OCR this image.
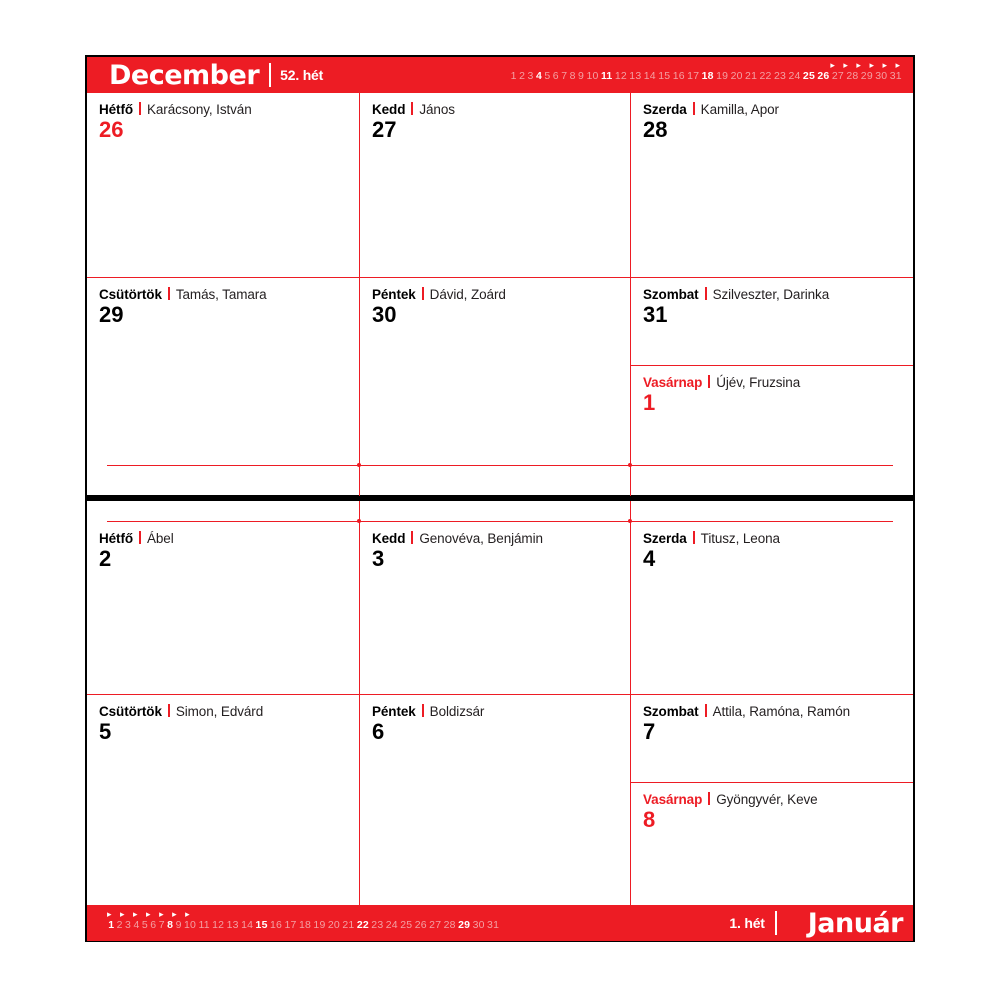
December	52. hét
▸ ▸ ▸ ▸ ▸ ▸
1 2 3 4 5 6 7 8 9 10 11 12 13 14 15 16 17 18 19 20 21 22 23 24 25 26 27 28 29 30 31
Hétfő Karácsony, István
26
Kedd János
27
Szerda Kamilla, Apor
28
Csütörtök Tamás, Tamara
29
Péntek Dávid, Zoárd
30
Szombat Szilveszter, Darinka
31
Vasárnap Újév, Fruzsina
1
Hétfő Ábel
2
Kedd Genovéva, Benjámin
3
Szerda Titusz, Leona
4
Csütörtök Simon, Edvárd
5
Péntek Boldizsár
6
Szombat Attila, Ramóna, Ramón
7
Vasárnap Gyöngyvér, Keve
8
▸ ▸ ▸ ▸ ▸ ▸ ▸
1 2 3 4 5 6 7 8 9 10 11 12 13 14 15 16 17 18 19 20 21 22 23 24 25 26 27 28 29 30 31	1. hét	Január
